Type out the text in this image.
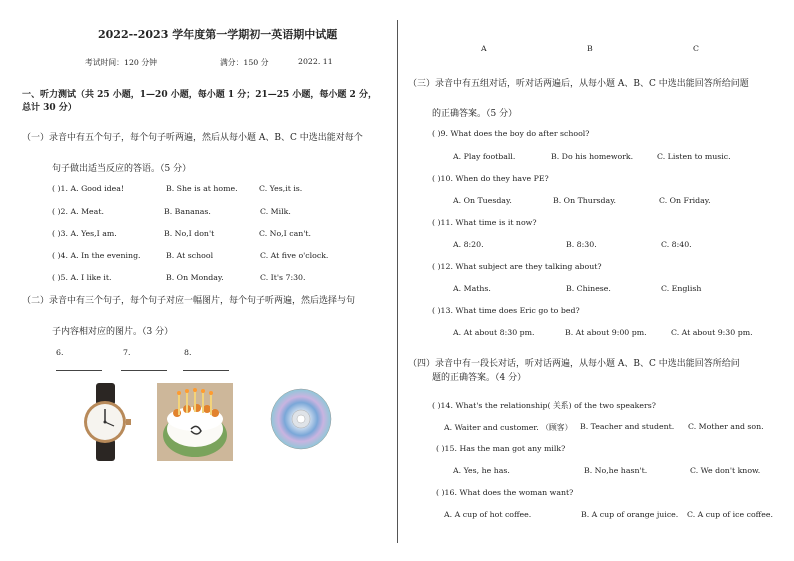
2022--2023 学年度第一学期初一英语期中试题
考试时间：120 分钟	满分：150 分	2022. 11
一、听力测试（共 25 小题，1—20 小题，每小题 1 分；21—25 小题，每小题 2 分，
总计 30 分）
（一）录音中有五个句子，每个句子听两遍，然后从每小题 A、B、C 中选出能对每个
句子做出适当反应的答语。（5 分）
( )1. A. Good idea!	B. She is at home.	C. Yes,it is.
( )2. A. Meat.	B. Bananas.	C. Milk.
( )3. A. Yes,I am.	B. No,I don't	C. No,I can't.
( )4. A. In the evening.	B. At school	C. At five o'clock.
( )5. A. I like it.	B. On Monday.	C. It's 7:30.
（二）录音中有三个句子，每个句子对应一幅图片，每个句子听两遍，然后选择与句
子内容相对应的图片。（3 分）
6.	7.	8.
A	B	C
（三）录音中有五组对话，听对话两遍后，从每小题 A、B、C 中选出能回答所给问题
的正确答案。（5 分）
( )9. What does the boy do after school?
A. Play football.	B. Do his homework.	C. Listen to music.
( )10. When do they have PE?
A. On Tuesday.	B. On Thursday.	C. On Friday.
( )11. What time is it now?
A. 8:20.	B. 8:30.	C. 8:40.
( )12. What subject are they talking about?
A. Maths.	B. Chinese.	C. English
( )13. What time does Eric go to bed?
A. At about 8:30 pm.	B. At about 9:00 pm.	C. At about 9:30 pm.
（四）录音中有一段长对话，听对话两遍，从每小题 A、B、C 中选出能回答所给问
题的正确答案。（4 分）
( )14. What's the relationship( 关系) of the two speakers?
A. Waiter and customer. （顾客） B. Teacher and student. C. Mother and son.
( )15. Has the man got any milk?
A. Yes, he has.	B. No,he hasn't.	C. We don't know.
( )16. What does the woman want?
A. A cup of hot coffee.	B. A cup of orange juice. C. A cup of ice coffee.
